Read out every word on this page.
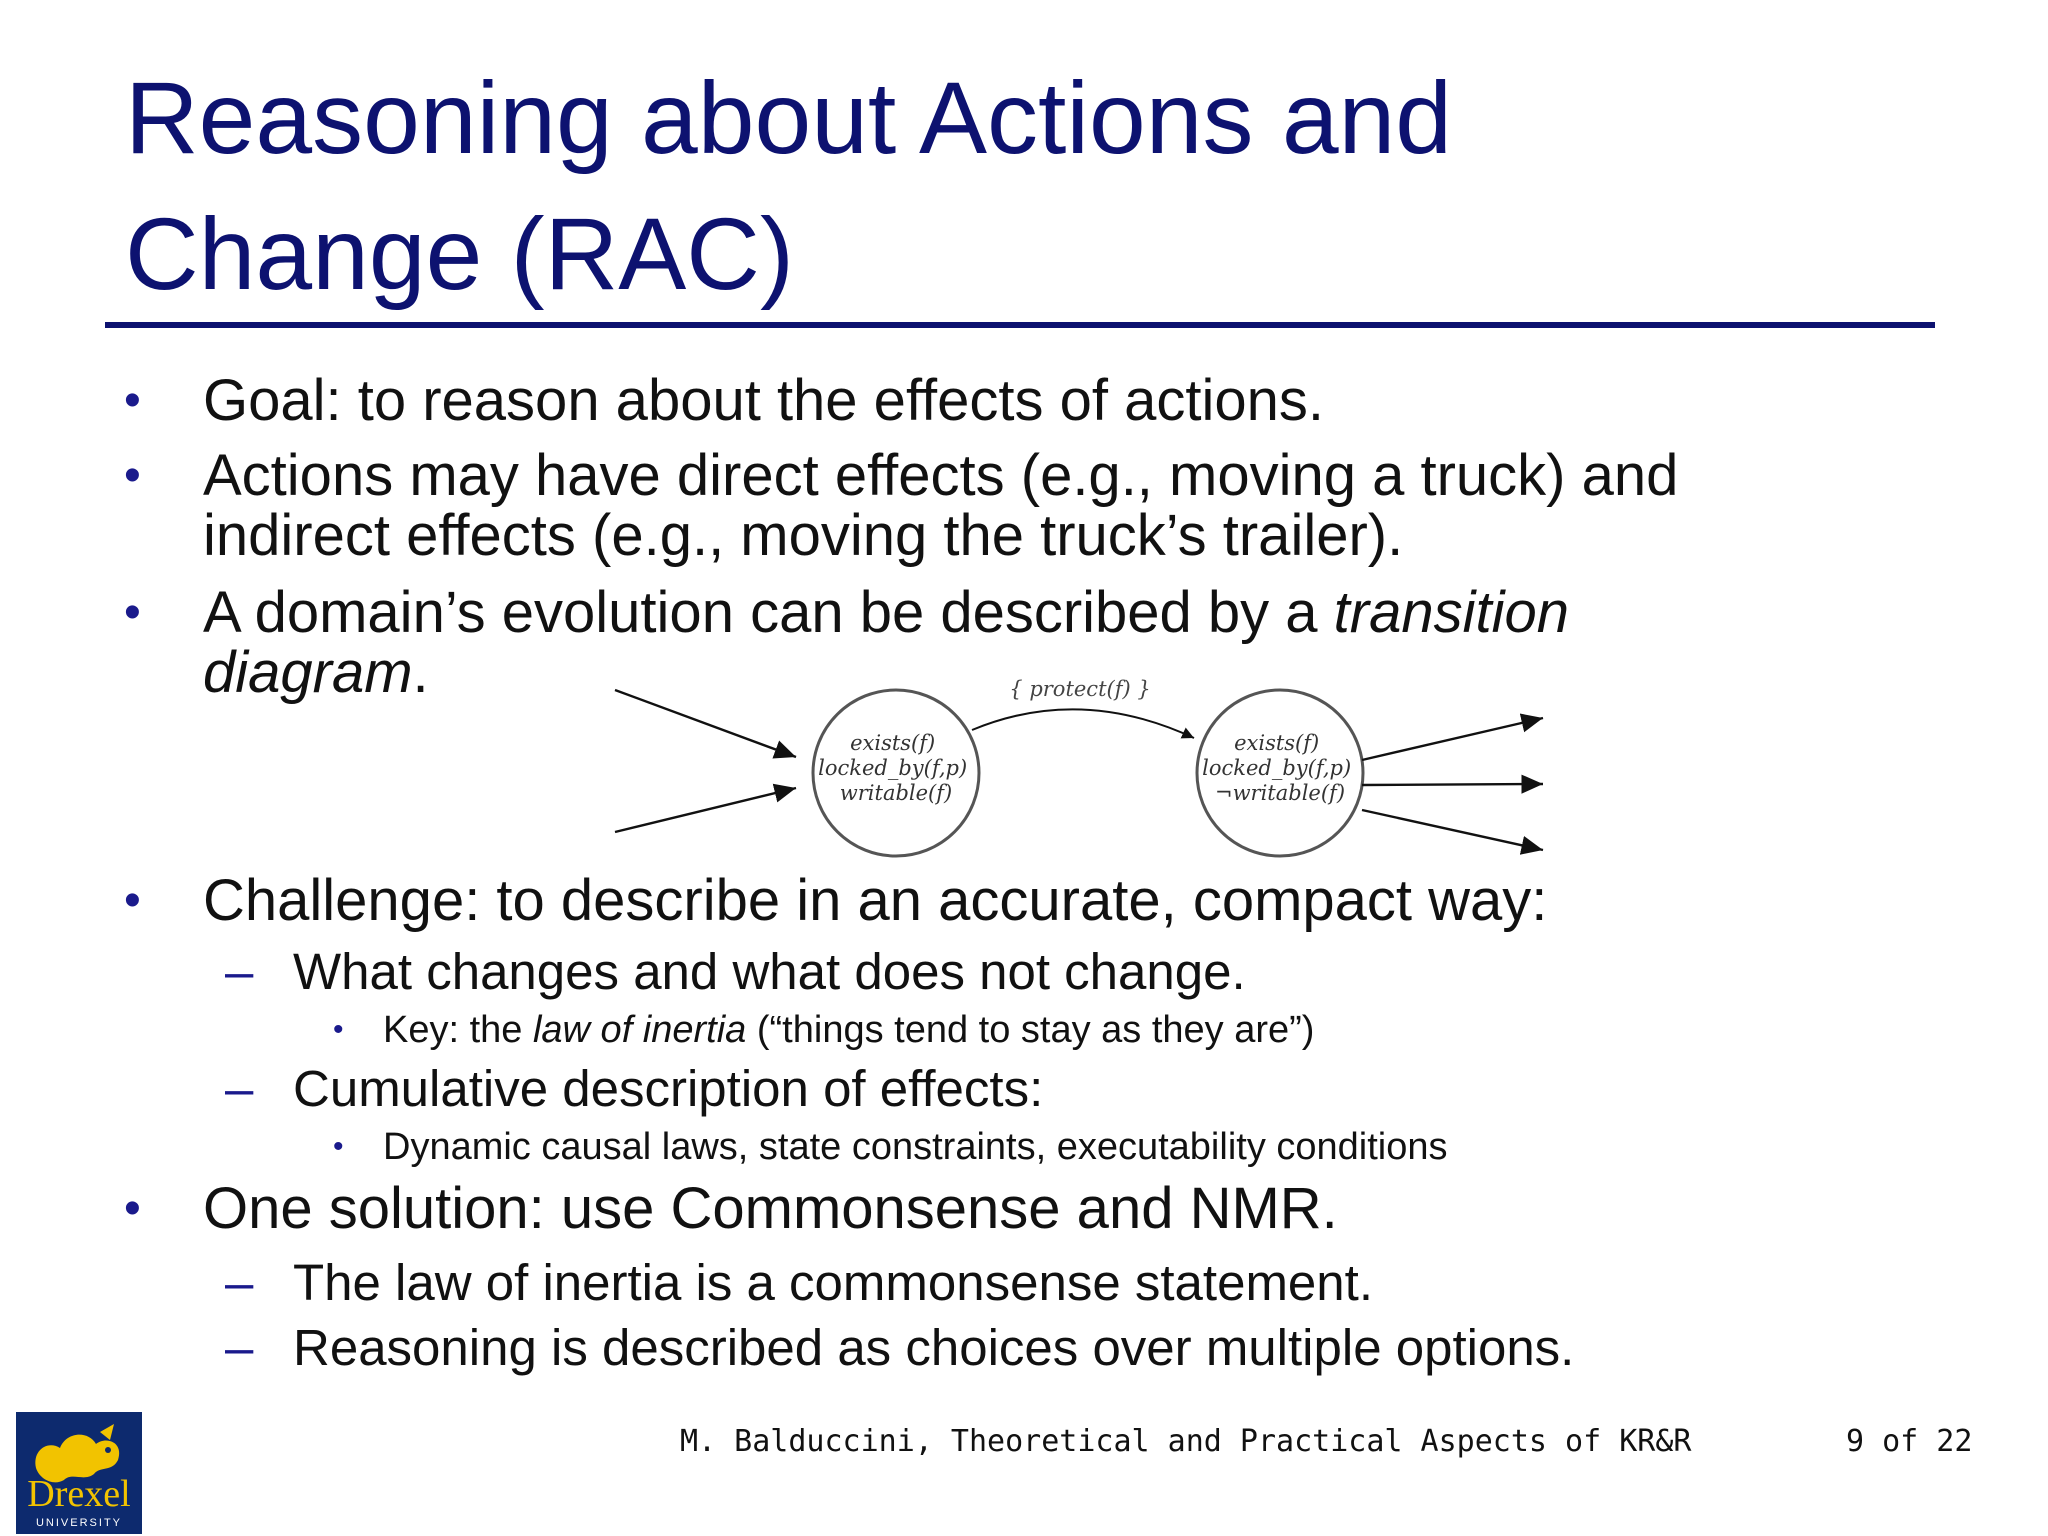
Reasoning about Actions and
Change (RAC)
• Goal: to reason about the effects of actions.
• Actions may have direct effects (e.g., moving a truck) and
indirect effects (e.g., moving the truck’s trailer).
• A domain’s evolution can be described by a transition
diagram.
exists(f) locked_by(f,p) writable(f)
{ protect(f) }
exists(f) locked_by(f,p) ¬writable(f)
• Challenge: to describe in an accurate, compact way:
– What changes and what does not change.
• Key: the law of inertia (“things tend to stay as they are”)
– Cumulative description of effects:
• Dynamic causal laws, state constraints, executability conditions
• One solution: use Commonsense and NMR.
– The law of inertia is a commonsense statement.
– Reasoning is described as choices over multiple options.
Drexel
UNIVERSITY
M. Balduccini, Theoretical and Practical Aspects of KR&R	9 of 22
